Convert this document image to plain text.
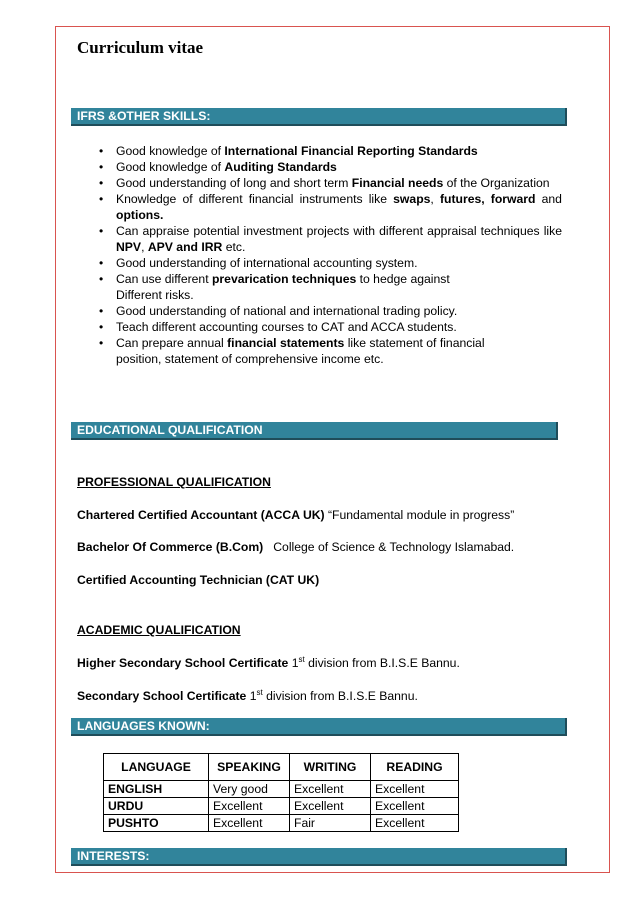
Curriculum vitae
IFRS &OTHER SKILLS:
• Good knowledge of International Financial Reporting Standards
• Good knowledge of Auditing Standards
• Good understanding of long and short term Financial needs of the Organization
• Knowledge of different financial instruments like swaps, futures, forward and options.
• Can appraise potential investment projects with different appraisal techniques like NPV, APV and IRR etc.
• Good understanding of international accounting system.
• Can use different prevarication techniques to hedge against
Different risks.
• Good understanding of national and international trading policy.
• Teach different accounting courses to CAT and ACCA students.
• Can prepare annual financial statements like statement of financial
position, statement of comprehensive income etc.
EDUCATIONAL QUALIFICATION
PROFESSIONAL QUALIFICATION
Chartered Certified Accountant (ACCA UK) “Fundamental module in progress”
Bachelor Of Commerce (B.Com) College of Science & Technology Islamabad.
Certified Accounting Technician (CAT UK)
ACADEMIC QUALIFICATION
Higher Secondary School Certificate 1st division from B.I.S.E Bannu.
Secondary School Certificate 1st division from B.I.S.E Bannu.
LANGUAGES KNOWN:
LANGUAGE	SPEAKING	WRITING	READING
ENGLISH	Very good	Excellent	Excellent
URDU	Excellent	Excellent	Excellent
PUSHTO	Excellent	Fair	Excellent
INTERESTS:
